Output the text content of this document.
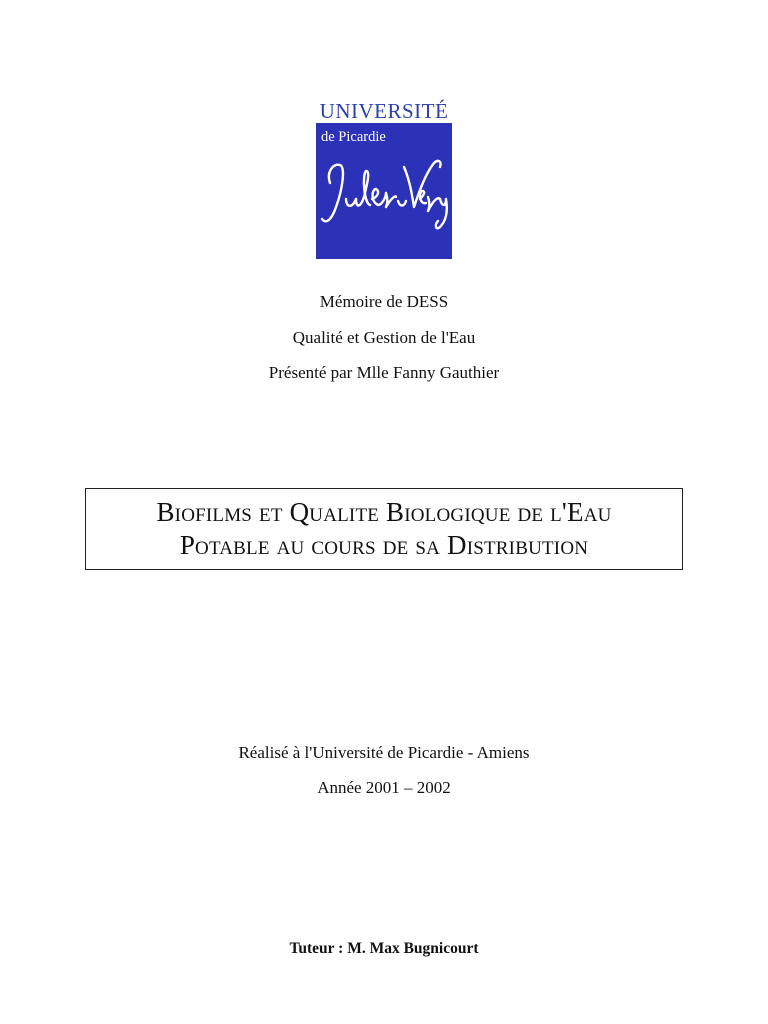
UNIVERSITÉ
de Picardie
Mémoire de DESS
Qualité et Gestion de l'Eau
Présenté par Mlle Fanny Gauthier
Biofilms et Qualite Biologique de l'Eau
Potable au cours de sa Distribution
Réalisé à l'Université de Picardie - Amiens
Année 2001 – 2002
Tuteur : M. Max Bugnicourt
